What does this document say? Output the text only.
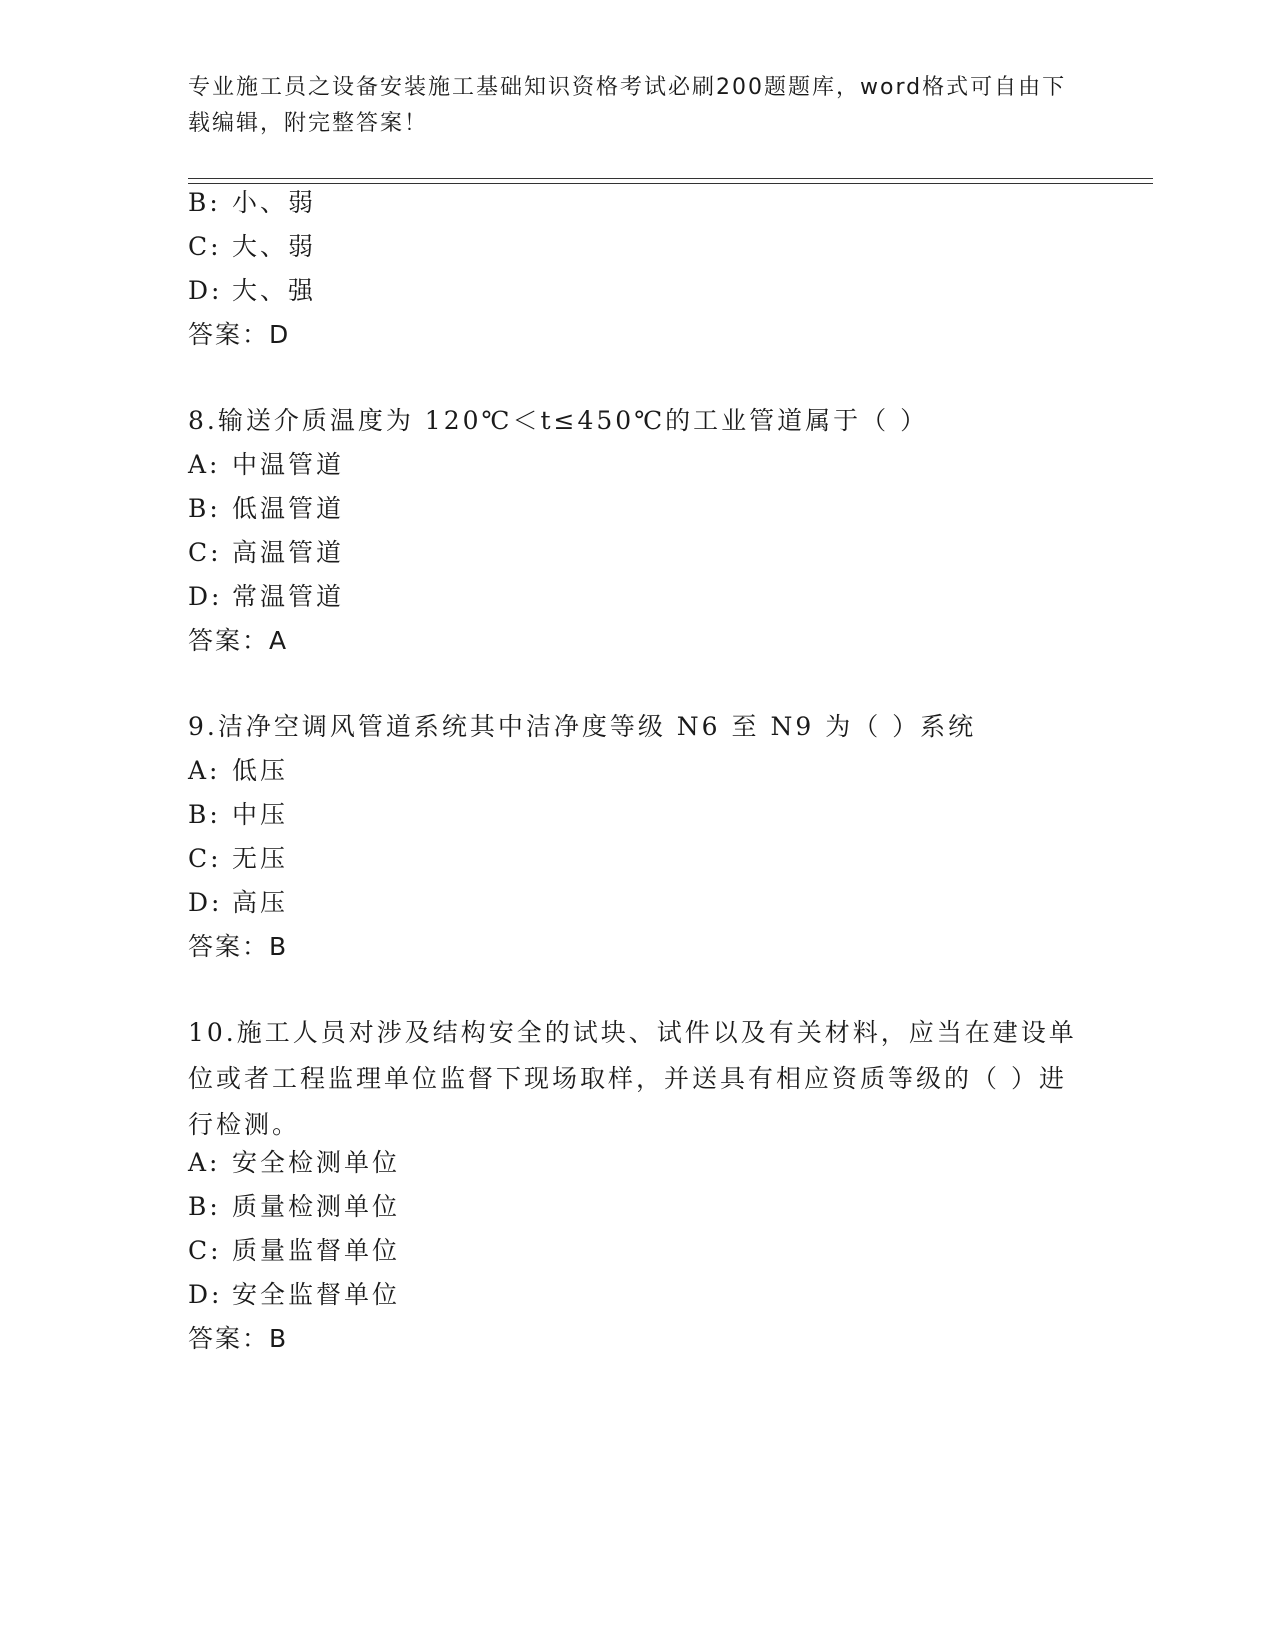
专业施工员之设备安装施工基础知识资格考试必刷200题题库，word格式可自由下载编辑，附完整答案！
B: 小、弱
C: 大、弱
D: 大、强
答案：D
8.输送介质温度为 120℃＜t≤450℃的工业管道属于（ ）
A: 中温管道
B: 低温管道
C: 高温管道
D: 常温管道
答案：A
9.洁净空调风管道系统其中洁净度等级 N6 至 N9 为（ ）系统
A: 低压
B: 中压
C: 无压
D: 高压
答案：B
10.施工人员对涉及结构安全的试块、试件以及有关材料，应当在建设单位或者工程监理单位监督下现场取样，并送具有相应资质等级的（ ）进行检测。
A: 安全检测单位
B: 质量检测单位
C: 质量监督单位
D: 安全监督单位
答案：B
